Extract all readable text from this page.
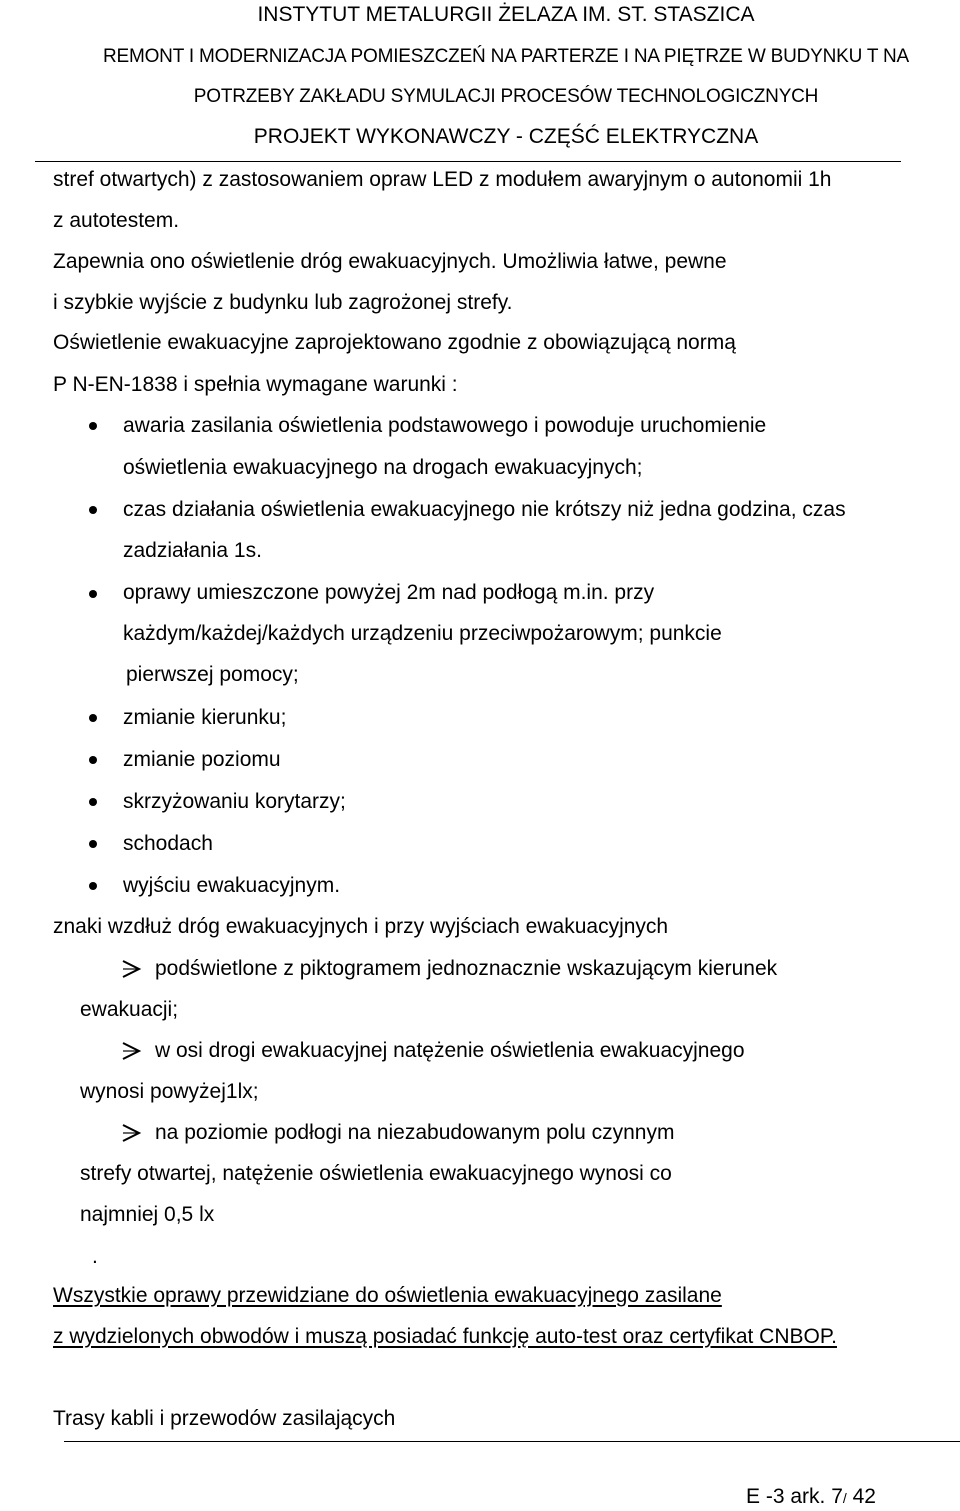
INSTYTUT METALURGII ŻELAZA IM. ST. STASZICA
REMONT I MODERNIZACJA POMIESZCZEŃ NA PARTERZE I NA PIĘTRZE W BUDYNKU T NA
POTRZEBY ZAKŁADU SYMULACJI PROCESÓW TECHNOLOGICZNYCH
PROJEKT WYKONAWCZY - CZĘŚĆ ELEKTRYCZNA
stref otwartych) z zastosowaniem opraw LED z modułem awaryjnym o autonomii 1h
z autotestem.
Zapewnia ono oświetlenie dróg ewakuacyjnych. Umożliwia łatwe, pewne
i szybkie wyjście z budynku lub zagrożonej strefy.
Oświetlenie ewakuacyjne zaprojektowano zgodnie z obowiązującą normą
P N-EN-1838 i spełnia wymagane warunki :
awaria zasilania oświetlenia podstawowego i powoduje uruchomienie
oświetlenia ewakuacyjnego na drogach ewakuacyjnych;
czas działania oświetlenia ewakuacyjnego nie krótszy niż jedna godzina, czas
zadziałania 1s.
oprawy umieszczone powyżej 2m nad podłogą m.in. przy
każdym/każdej/każdych urządzeniu przeciwpożarowym; punkcie
pierwszej pomocy;
zmianie kierunku;
zmianie poziomu
skrzyżowaniu korytarzy;
schodach
wyjściu ewakuacyjnym.
znaki wzdłuż dróg ewakuacyjnych i przy wyjściach ewakuacyjnych
podświetlone z piktogramem jednoznacznie wskazującym kierunek
ewakuacji;
w osi drogi ewakuacyjnej natężenie oświetlenia ewakuacyjnego
wynosi powyżej1lx;
na poziomie podłogi na niezabudowanym polu czynnym
strefy otwartej, natężenie oświetlenia ewakuacyjnego wynosi co
najmniej 0,5 lx
.
Wszystkie oprawy przewidziane do oświetlenia ewakuacyjnego zasilane
z wydzielonych obwodów i muszą posiadać funkcję auto-test oraz certyfikat CNBOP.
Trasy kabli i przewodów zasilających
E -3 ark. 7/ 42
